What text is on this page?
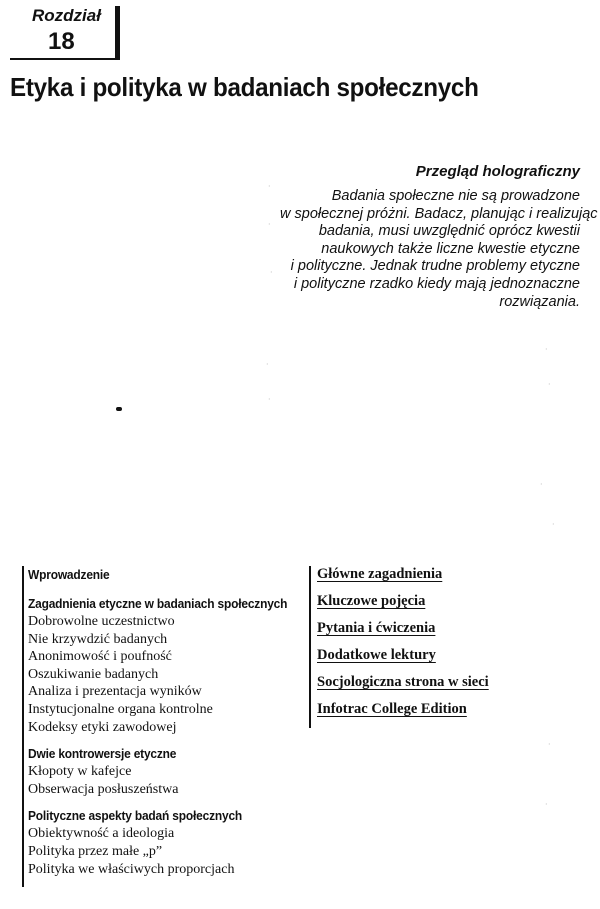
Rozdział
18
Etyka i polityka w badaniach społecznych
Przegląd holograficzny
Badania społeczne nie są prowadzone
w społecznej próżni. Badacz, planując i realizując
badania, musi uwzględnić oprócz kwestii
naukowych także liczne kwestie etyczne
i polityczne. Jednak trudne problemy etyczne
i polityczne rzadko kiedy mają jednoznaczne
rozwiązania.
·
·
·
·
·
·
·
·
·
·
·
Wprowadzenie
Zagadnienia etyczne w badaniach społecznych
Dobrowolne uczestnictwo
Nie krzywdzić badanych
Anonimowość i poufność
Oszukiwanie badanych
Analiza i prezentacja wyników
Instytucjonalne organa kontrolne
Kodeksy etyki zawodowej
Dwie kontrowersje etyczne
Kłopoty w kafejce
Obserwacja posłuszeństwa
Polityczne aspekty badań społecznych
Obiektywność a ideologia
Polityka przez małe „p”
Polityka we właściwych proporcjach
Główne zagadnienia
Kluczowe pojęcia
Pytania i ćwiczenia
Dodatkowe lektury
Socjologiczna strona w sieci
Infotrac College Edition
